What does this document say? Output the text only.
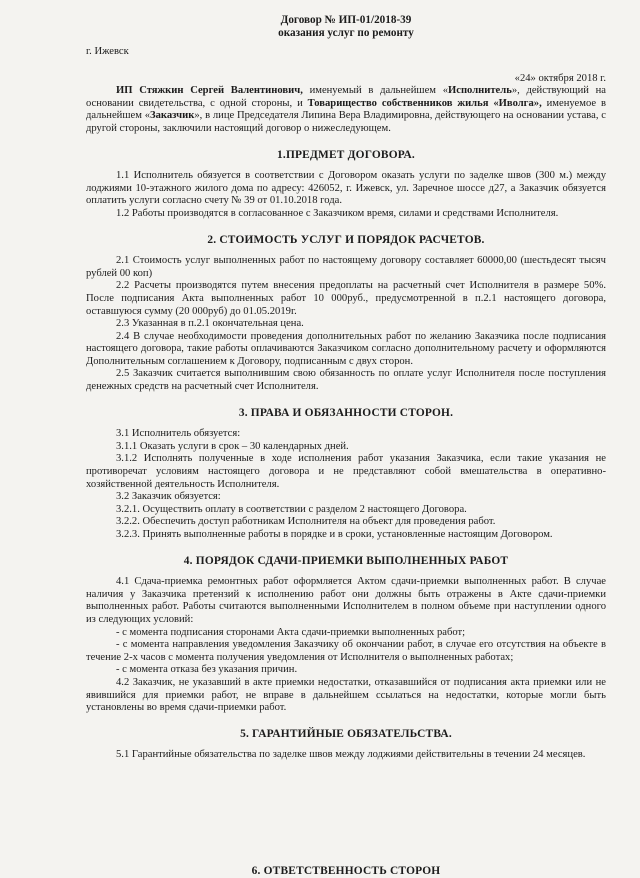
Договор № ИП-01/2018-39

оказания услуг по ремонту

г. Ижевск
«24» октября 2018 г.

ИП Стяжкин Сергей Валентинович, именуемый в дальнейшем «Исполнитель», действующий на основании свидетельства, с одной стороны, и Товарищество собственников жилья «Иволга», именуемое в дальнейшем «Заказчик», в лице Председателя Липина Вера Владимировна, действующего на основании устава, с другой стороны, заключили настоящий договор о нижеследующем.

1.ПРЕДМЕТ ДОГОВОРА.

1.1 Исполнитель обязуется в соответствии с Договором оказать услуги по заделке швов (300 м.) между лоджиями 10-этажного жилого дома по адресу: 426052, г. Ижевск, ул. Заречное шоссе д27, а Заказчик обязуется оплатить услуги согласно счету № 39 от 01.10.2018 года.

1.2 Работы производятся в согласованное с Заказчиком время, силами и средствами Исполнителя.

2. СТОИМОСТЬ УСЛУГ И ПОРЯДОК РАСЧЕТОВ.

2.1 Стоимость услуг выполненных работ по настоящему договору составляет 60000,00 (шестьдесят тысяч рублей 00 коп)

2.2 Расчеты производятся путем внесения предоплаты на расчетный счет Исполнителя в размере 50%. После подписания Акта выполненных работ 10 000руб., предусмотренной в п.2.1 настоящего договора, оставшуюся сумму (20 000руб) до 01.05.2019г.

2.3 Указанная в п.2.1 окончательная цена.

2.4 В случае необходимости проведения дополнительных работ по желанию Заказчика после подписания настоящего договора, такие работы оплачиваются Заказчиком согласно дополнительному расчету и оформляются Дополнительным соглашением к Договору, подписанным с двух сторон.

2.5 Заказчик считается выполнившим свою обязанность по оплате услуг Исполнителя после поступления денежных средств на расчетный счет Исполнителя.

3. ПРАВА И ОБЯЗАННОСТИ СТОРОН.

3.1 Исполнитель обязуется:

3.1.1 Оказать услуги в срок – 30 календарных дней.

3.1.2 Исполнять полученные в ходе исполнения работ указания Заказчика, если такие указания не противоречат условиям настоящего договора и не представляют собой вмешательства в оперативно-хозяйственной деятельность Исполнителя.

3.2 Заказчик обязуется:

3.2.1. Осуществить оплату в соответствии с разделом 2 настоящего Договора.

3.2.2. Обеспечить доступ работникам Исполнителя на объект для проведения работ.

3.2.3. Принять выполненные работы в порядке и в сроки, установленные настоящим Договором.

4. ПОРЯДОК СДАЧИ-ПРИЕМКИ ВЫПОЛНЕННЫХ РАБОТ

4.1 Сдача-приемка ремонтных работ оформляется Актом сдачи-приемки выполненных работ. В случае наличия у Заказчика претензий к исполнению работ они должны быть отражены в Акте сдачи-приемки выполненных работ. Работы считаются выполненными Исполнителем в полном объеме при наступлении одного из следующих условий:

- с момента подписания сторонами Акта сдачи-приемки выполненных работ;

- с момента направления уведомления Заказчику об окончании работ, в случае его отсутствия на объекте в течение 2-х часов с момента получения уведомления от Исполнителя о выполненных работах;

- с момента отказа без указания причин.

4.2 Заказчик, не указавший в акте приемки недостатки, отказавшийся от подписания акта приемки или не явившийся для приемки работ, не вправе в дальнейшем ссылаться на недостатки, которые могли быть установлены во время сдачи-приемки работ.

5. ГАРАНТИЙНЫЕ ОБЯЗАТЕЛЬСТВА.

5.1 Гарантийные обязательства по заделке швов между лоджиями действительны в течении 24 месяцев.

6. ОТВЕТСТВЕННОСТЬ СТОРОН
